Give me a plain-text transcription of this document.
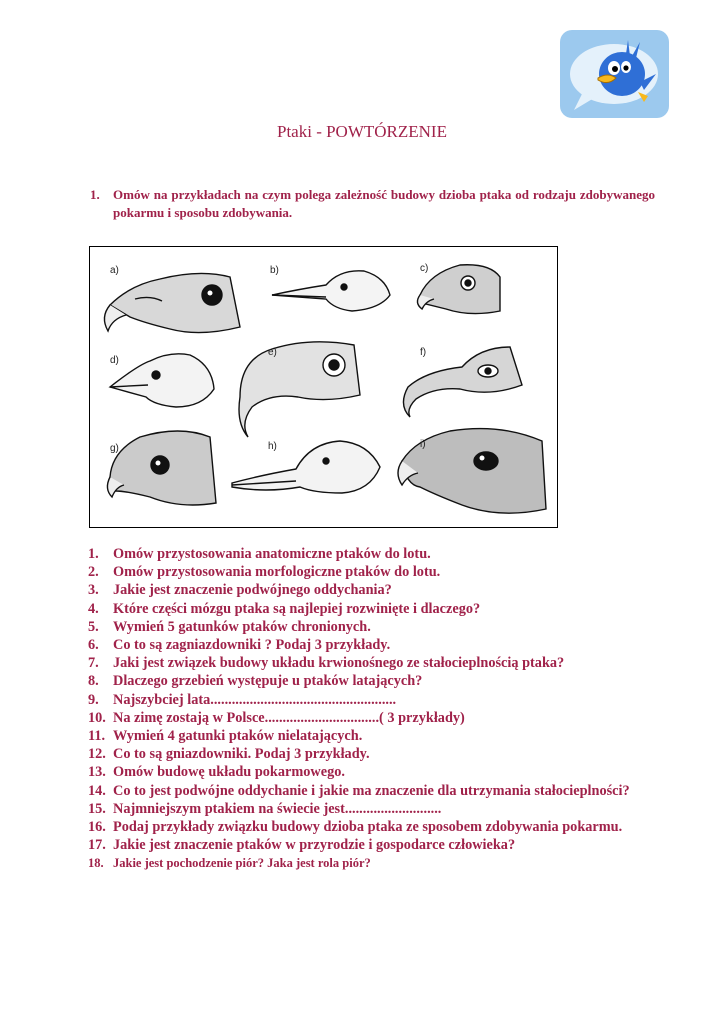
Ptaki - POWTÓRZENIE
1. Omów na przykładach na czym polega zależność budowy dzioba ptaka od rodzaju zdobywanego pokarmu i sposobu zdobywania.
a)	b)	c)
d)
e)	f)
g)	h)	i)
1. Omów przystosowania anatomiczne ptaków do lotu.
2. Omów przystosowania morfologiczne ptaków do lotu.
3. Jakie jest znaczenie podwójnego oddychania?
4. Które części mózgu ptaka są najlepiej rozwinięte i dlaczego?
5. Wymień 5 gatunków ptaków chronionych.
6. Co to są zagniazdowniki ? Podaj 3 przykłady.
7. Jaki jest związek budowy układu krwionośnego ze stałocieplnością ptaka?
8. Dlaczego grzebień występuje u ptaków latających?
9. Najszybciej lata....................................................
10. Na zimę zostają w Polsce................................( 3 przykłady)
11. Wymień 4 gatunki ptaków nielatających.
12. Co to są gniazdowniki. Podaj 3 przykłady.
13. Omów budowę układu pokarmowego.
14. Co to jest podwójne oddychanie i jakie ma znaczenie dla utrzymania stałocieplności?
15. Najmniejszym ptakiem na świecie jest...........................
16. Podaj przykłady związku budowy dzioba ptaka ze sposobem zdobywania pokarmu.
17. Jakie jest znaczenie ptaków w przyrodzie i gospodarce człowieka?
18. Jakie jest pochodzenie piór? Jaka jest rola piór?
